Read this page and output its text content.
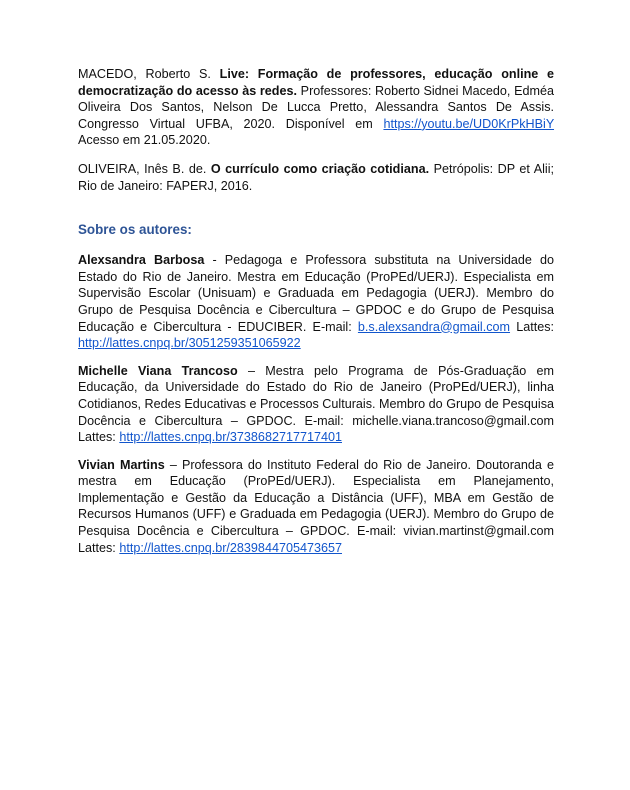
MACEDO, Roberto S. Live: Formação de professores, educação online e democratização do acesso às redes. Professores: Roberto Sidnei Macedo, Edméa Oliveira Dos Santos, Nelson De Lucca Pretto, Alessandra Santos De Assis. Congresso Virtual UFBA, 2020. Disponível em https://youtu.be/UD0KrPkHBiY Acesso em 21.05.2020.

OLIVEIRA, Inês B. de. O currículo como criação cotidiana. Petrópolis: DP et Alii; Rio de Janeiro: FAPERJ, 2016.

Sobre os autores:

Alexsandra Barbosa - Pedagoga e Professora substituta na Universidade do Estado do Rio de Janeiro. Mestra em Educação (ProPEd/UERJ). Especialista em Supervisão Escolar (Unisuam) e Graduada em Pedagogia (UERJ). Membro do Grupo de Pesquisa Docência e Cibercultura – GPDOC e do Grupo de Pesquisa Educação e Cibercultura - EDUCIBER. E-mail: b.s.alexsandra@gmail.com Lattes: http://lattes.cnpq.br/3051259351065922

Michelle Viana Trancoso – Mestra pelo Programa de Pós-Graduação em Educação, da Universidade do Estado do Rio de Janeiro (ProPEd/UERJ), linha Cotidianos, Redes Educativas e Processos Culturais. Membro do Grupo de Pesquisa Docência e Cibercultura – GPDOC. E-mail: michelle.viana.trancoso@gmail.com Lattes: http://lattes.cnpq.br/3738682717717401

Vivian Martins – Professora do Instituto Federal do Rio de Janeiro. Doutoranda e mestra em Educação (ProPEd/UERJ). Especialista em Planejamento, Implementação e Gestão da Educação a Distância (UFF), MBA em Gestão de Recursos Humanos (UFF) e Graduada em Pedagogia (UERJ). Membro do Grupo de Pesquisa Docência e Cibercultura – GPDOC. E-mail: vivian.martinst@gmail.com Lattes: http://lattes.cnpq.br/2839844705473657
